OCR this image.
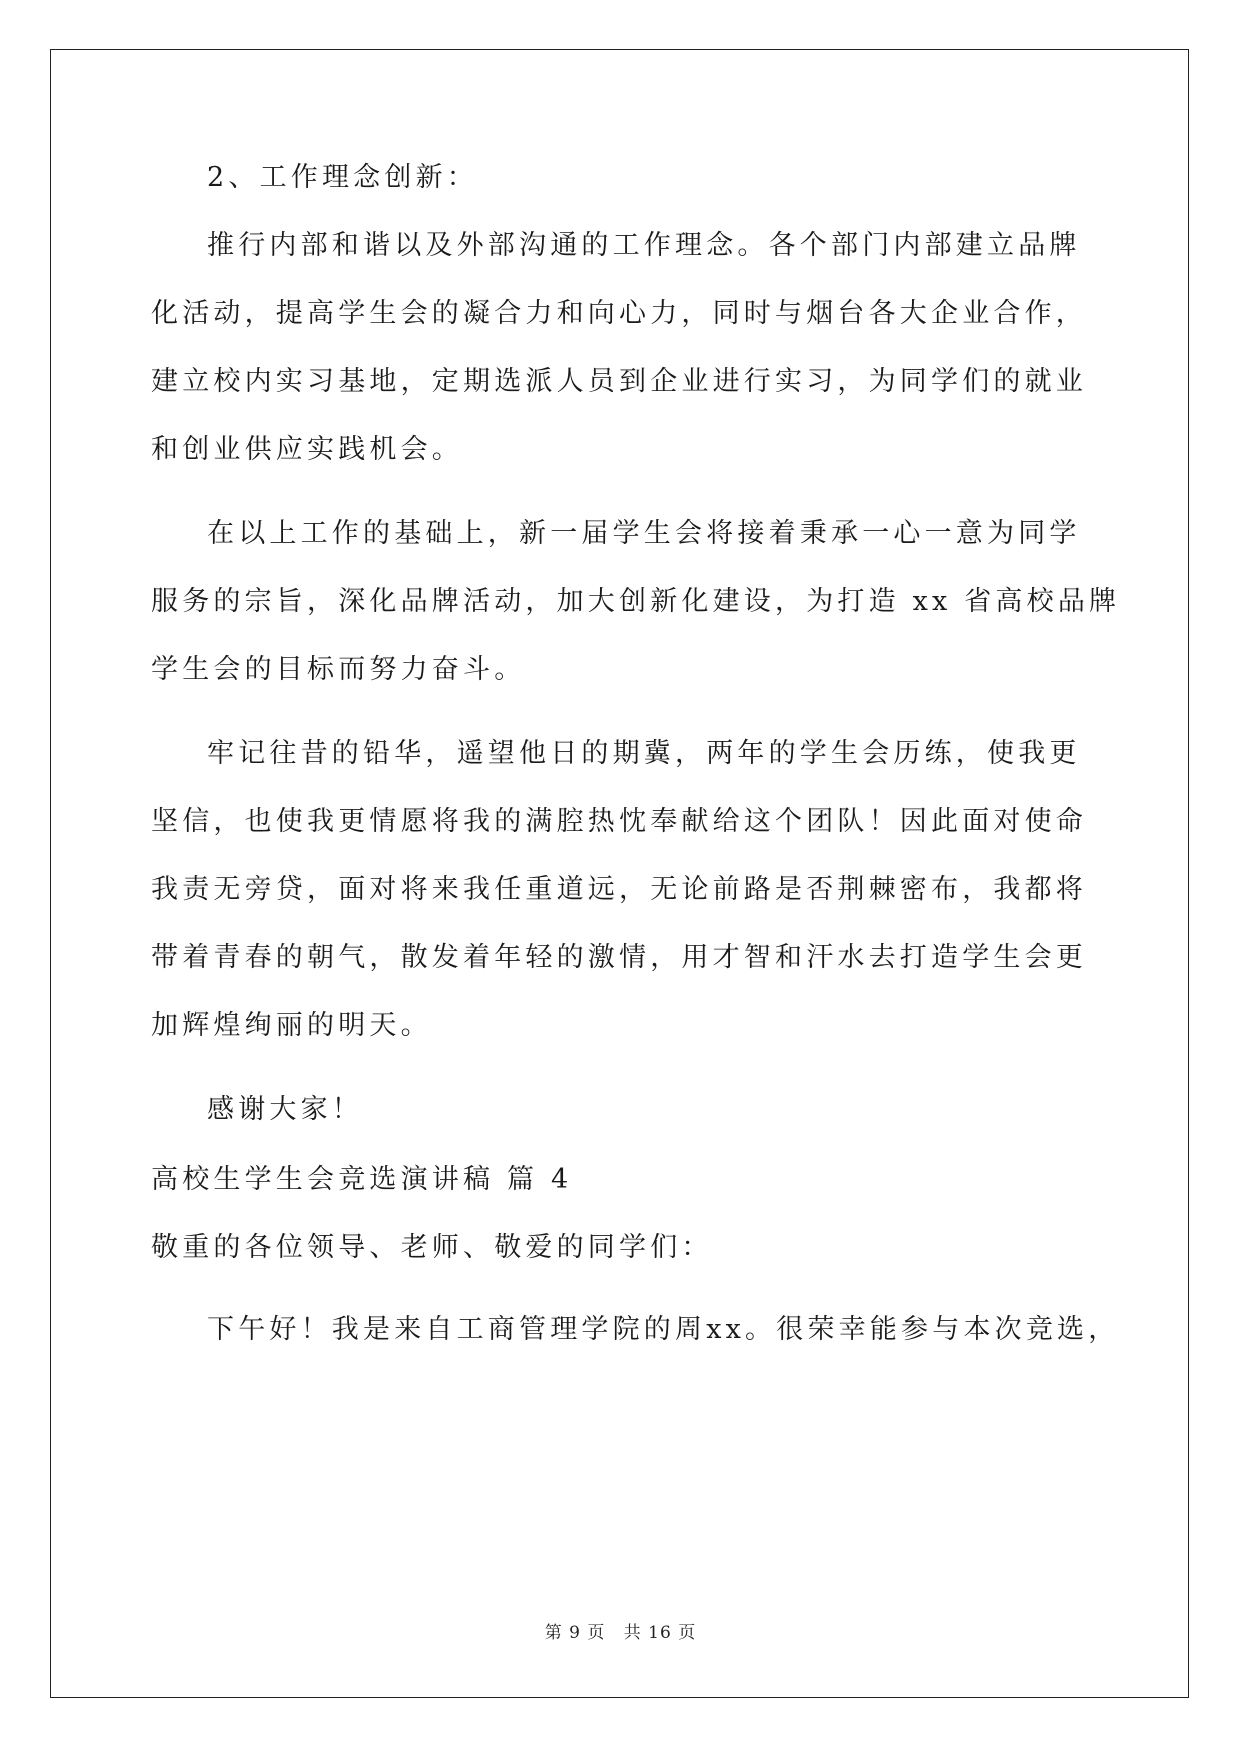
2、工作理念创新：
推行内部和谐以及外部沟通的工作理念。各个部门内部建立品牌
化活动，提高学生会的凝合力和向心力，同时与烟台各大企业合作，
建立校内实习基地，定期选派人员到企业进行实习，为同学们的就业
和创业供应实践机会。
在以上工作的基础上，新一届学生会将接着秉承一心一意为同学
服务的宗旨，深化品牌活动，加大创新化建设，为打造 xx 省高校品牌
学生会的目标而努力奋斗。
牢记往昔的铅华，遥望他日的期冀，两年的学生会历练，使我更
坚信，也使我更情愿将我的满腔热忱奉献给这个团队！因此面对使命
我责无旁贷，面对将来我任重道远，无论前路是否荆棘密布，我都将
带着青春的朝气，散发着年轻的激情，用才智和汗水去打造学生会更
加辉煌绚丽的明天。
感谢大家！
高校生学生会竞选演讲稿 篇 4
敬重的各位领导、老师、敬爱的同学们：
下午好！我是来自工商管理学院的周xx。很荣幸能参与本次竞选，
第 9 页 共 16 页
